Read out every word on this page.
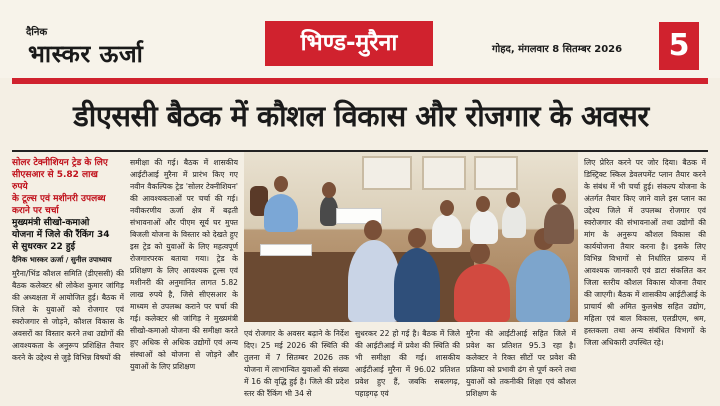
दैनिक
भास्कर ऊर्जा	भिण्ड-मुरैना	गोहद, मंगलवार 8 सितम्बर 2026	5
डीएससी बैठक में कौशल विकास और रोजगार के अवसर
सोलर टेक्नीशियन ट्रेड के लिए
सीएसआर से 5.82 लाख रुपये
के टूल्स एवं मशीनरी उपलब्ध
कराने पर चर्चा
मुख्यमंत्री सीखो-कमाओ
योजना में जिले की रैंकिंग 34
से सुधरकर 22 हुई
दैनिक भास्कर ऊर्जा / सुनील उपाध्याय

मुरैना/भिंड कौशल समिति (डीएससी) की बैठक कलेक्टर श्री लोकेश कुमार जांगिड़ की अध्यक्षता में आयोजित हुई। बैठक में जिले के युवाओं को रोजगार एवं स्वरोजगार से जोड़ने, कौशल विकास के अवसरों का विस्तार करने तथा उद्योगों की आवश्यकता के अनुरूप प्रशिक्षित तैयार करने के उद्देश्य से जुड़े विभिन्न विषयों की

समीक्षा की गई। बैठक में शासकीय आईटीआई मुरैना में प्रारंभ किए गए नवीन वैकल्पिक ट्रेड 'सोलर टेक्नीशियन' की आवश्यकताओं पर चर्चा की गई। नवीकरणीय ऊर्जा क्षेत्र में बढ़ती संभावनाओं और पीएम सूर्य घर मुफ्त बिजली योजना के विस्तार को देखते हुए इस ट्रेड को युवाओं के लिए महत्वपूर्ण रोजगारपरक बताया गया। ट्रेड के प्रशिक्षण के लिए आवश्यक टूल्स एवं मशीनरी की अनुमानित लागत 5.82 लाख रुपये है, जिसे सीएसआर के माध्यम से उपलब्ध कराने पर चर्चा की गई। कलेक्टर श्री जांगिड़ ने मुख्यमंत्री सीखो-कमाओ योजना की समीक्षा करते हुए अधिक से अधिक उद्योगों एवं अन्य संस्थाओं को योजना से जोड़ने और युवाओं के लिए प्रशिक्षण

एवं रोजगार के अवसर बढ़ाने के निर्देश दिए। 25 मई 2026 की स्थिति की तुलना में 7 सितम्बर 2026 तक योजना में लाभान्वित युवाओं की संख्या में 16 की वृद्धि हुई है। जिले की प्रदेश स्तर की रैंकिंग भी 34 से

सुधरकर 22 हो गई है। बैठक में जिले की आईटीआई में प्रवेश की स्थिति की भी समीक्षा की गई। शासकीय आईटीआई मुरैना में 96.02 प्रतिशत प्रवेश हुए हैं, जबकि सबलगढ़, पहाड़गढ़ एवं

मुरैना की आईटीआई सहित जिले में प्रवेश का प्रतिशत 95.3 रहा है। कलेक्टर ने रिक्त सीटों पर प्रवेश की प्रक्रिया को प्रभावी ढंग से पूर्ण करने तथा युवाओं को तकनीकी शिक्षा एवं कौशल प्रशिक्षण के

लिए प्रेरित करने पर जोर दिया। बैठक में डिस्ट्रिक्ट स्किल डेवलपमेंट प्लान तैयार करने के संबंध में भी चर्चा हुई। संकल्प योजना के अंतर्गत तैयार किए जाने वाले इस प्लान का उद्देश्य जिले में उपलब्ध रोजगार एवं स्वरोजगार की संभावनाओं तथा उद्योगों की मांग के अनुरूप कौशल विकास की कार्ययोजना तैयार करना है। इसके लिए विभिन्न विभागों से निर्धारित प्रारूप में आवश्यक जानकारी एवं डाटा संकलित कर जिला स्तरीय कौशल विकास योजना तैयार की जाएगी। बैठक में शासकीय आईटीआई के प्राचार्य श्री अमित कुलश्रेष्ठ सहित उद्योग, महिला एवं बाल विकास, एलडीएम, श्रम, हस्तकला तथा अन्य संबंधित विभागों के जिला अधिकारी उपस्थित रहे।
